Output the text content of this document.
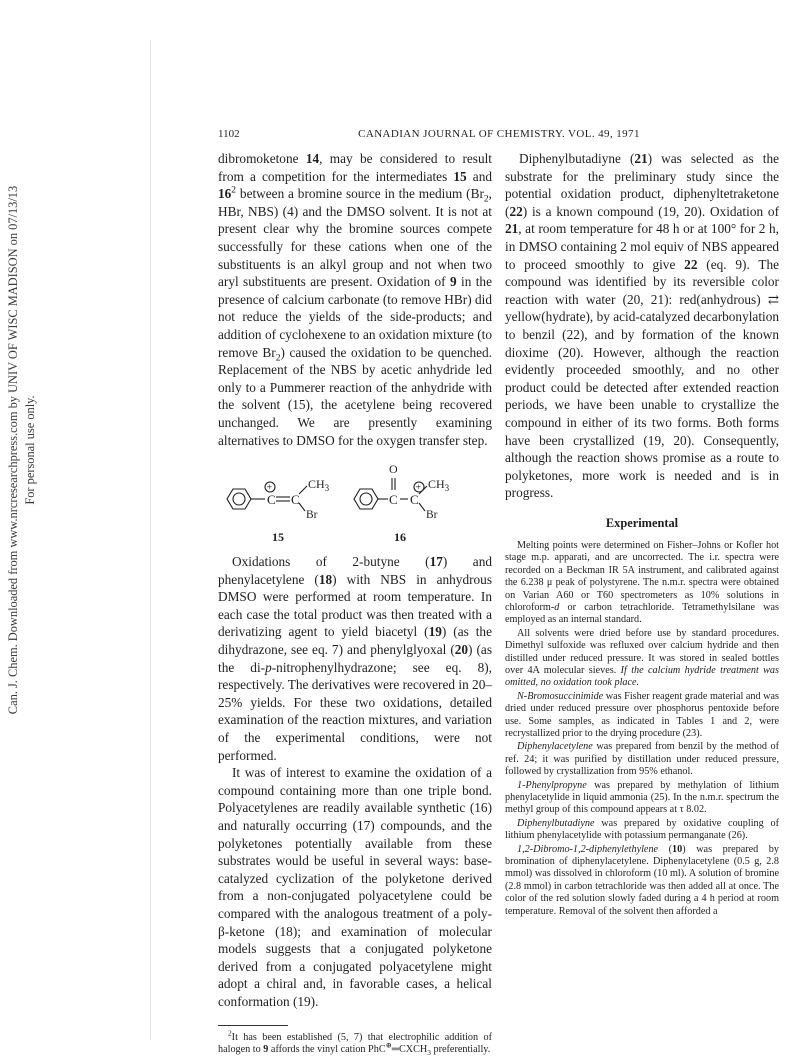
Can. J. Chem. Downloaded from www.nrcresearchpress.com by UNIV OF WISC MADISON on 07/13/13 For personal use only.
1102	CANADIAN JOURNAL OF CHEMISTRY. VOL. 49, 1971

dibromoketone 14, may be considered to result from a competition for the intermediates 15 and $16^2$ between a bromine source in the medium ($Br_2$, HBr, NBS) (4) and the DMSO solvent. It is not at present clear why the bromine sources compete successfully for these cations when one of the substituents is an alkyl group and not when two aryl substituents are present. Oxidation of 9 in the presence of calcium carbonate (to remove HBr) did not reduce the yields of the side-products; and addition of cyclohexene to an oxidation mixture (to remove $Br_2$) caused the oxidation to be quenched. Replacement of the NBS by acetic anhydride led only to a Pummerer reaction of the anhydride with the solvent (15), the acetylene being recovered unchanged. We are presently examining alternatives to DMSO for the oxygen transfer step.

C
+
C
$CH_3$
Br
15
C
O
+
C
$CH_3$
Br
16

Oxidations of 2-butyne (17) and phenylacetylene (18) with NBS in anhydrous DMSO were performed at room temperature. In each case the total product was then treated with a derivatizing agent to yield biacetyl (19) (as the dihydrazone, see eq. 7) and phenylglyoxal (20) (as the di-p-nitrophenylhydrazone; see eq. 8), respectively. The derivatives were recovered in 20–25% yields. For these two oxidations, detailed examination of the reaction mixtures, and variation of the experimental conditions, were not performed.

It was of interest to examine the oxidation of a compound containing more than one triple bond. Polyacetylenes are readily available synthetic (16) and naturally occurring (17) compounds, and the polyketones potentially available from these substrates would be useful in several ways: base-catalyzed cyclization of the polyketone derived from a non-conjugated polyacetylene could be compared with the analogous treatment of a poly-β-ketone (18); and examination of molecular models suggests that a conjugated polyketone derived from a conjugated polyacetylene might adopt a chiral and, in favorable cases, a helical conformation (19).

$^2$It has been established (5, 7) that electrophilic addition of halogen to 9 affords the vinyl cation $PhC^\oplus═CXCH_3$ preferentially.

Diphenylbutadiyne (21) was selected as the substrate for the preliminary study since the potential oxidation product, diphenyltetraketone (22) is a known compound (19, 20). Oxidation of 21, at room temperature for 48 h or at 100° for 2 h, in DMSO containing 2 mol equiv of NBS appeared to proceed smoothly to give 22 (eq. 9). The compound was identified by its reversible color reaction with water (20, 21): red(anhydrous) ⇄ yellow(hydrate), by acid-catalyzed decarbonylation to benzil (22), and by formation of the known dioxime (20). However, although the reaction evidently proceeded smoothly, and no other product could be detected after extended reaction periods, we have been unable to crystallize the compound in either of its two forms. Both forms have been crystallized (19, 20). Consequently, although the reaction shows promise as a route to polyketones, more work is needed and is in progress.

Experimental

Melting points were determined on Fisher–Johns or Kofler hot stage m.p. apparati, and are uncorrected. The i.r. spectra were recorded on a Beckman IR 5A instrument, and calibrated against the 6.238 μ peak of polystyrene. The n.m.r. spectra were obtained on Varian A60 or T60 spectrometers as 10% solutions in chloroform-d or carbon tetrachloride. Tetramethylsilane was employed as an internal standard.

All solvents were dried before use by standard procedures. Dimethyl sulfoxide was refluxed over calcium hydride and then distilled under reduced pressure. It was stored in sealed bottles over 4A molecular sieves. If the calcium hydride treatment was omitted, no oxidation took place.

N-Bromosuccinimide was Fisher reagent grade material and was dried under reduced pressure over phosphorus pentoxide before use. Some samples, as indicated in Tables 1 and 2, were recrystallized prior to the drying procedure (23).

Diphenylacetylene was prepared from benzil by the method of ref. 24; it was purified by distillation under reduced pressure, followed by crystallization from 95% ethanol.

1-Phenylpropyne was prepared by methylation of lithium phenylacetylide in liquid ammonia (25). In the n.m.r. spectrum the methyl group of this compound appears at τ 8.02.

Diphenylbutadiyne was prepared by oxidative coupling of lithium phenylacetylide with potassium permanganate (26).

1,2-Dibromo-1,2-diphenylethylene (10) was prepared by bromination of diphenylacetylene. Diphenylacetylene (0.5 g, 2.8 mmol) was dissolved in chloroform (10 ml). A solution of bromine (2.8 mmol) in carbon tetrachloride was then added all at once. The color of the red solution slowly faded during a 4 h period at room temperature. Removal of the solvent then afforded a
